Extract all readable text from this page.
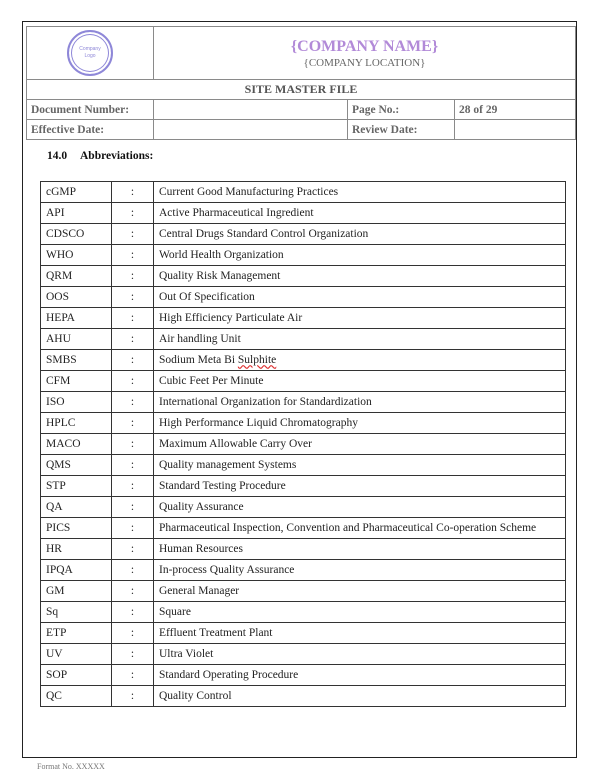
Company Logo	{COMPANY NAME}
{COMPANY LOCATION}		

SITE MASTER FILE			
Document Number:		Page No.:	28 of 29
Effective Date:		Review Date:	
14.0 Abbreviations:
cGMP	:	Current Good Manufacturing Practices
API	:	Active Pharmaceutical Ingredient
CDSCO	:	Central Drugs Standard Control Organization
WHO	:	World Health Organization
QRM	:	Quality Risk Management
OOS	:	Out Of Specification
HEPA	:	High Efficiency Particulate Air
AHU	:	Air handling Unit
SMBS	:	Sodium Meta Bi Sulphite
CFM	:	Cubic Feet Per Minute
ISO	:	International Organization for Standardization
HPLC	:	High Performance Liquid Chromatography
MACO	:	Maximum Allowable Carry Over
QMS	:	Quality management Systems
STP	:	Standard Testing Procedure
QA	:	Quality Assurance
PICS	:	Pharmaceutical Inspection, Convention and Pharmaceutical Co-operation Scheme
HR	:	Human Resources
IPQA	:	In-process Quality Assurance
GM	:	General Manager
Sq	:	Square
ETP	:	Effluent Treatment Plant
UV	:	Ultra Violet
SOP	:	Standard Operating Procedure
QC	:	Quality Control
Format No. XXXXX
